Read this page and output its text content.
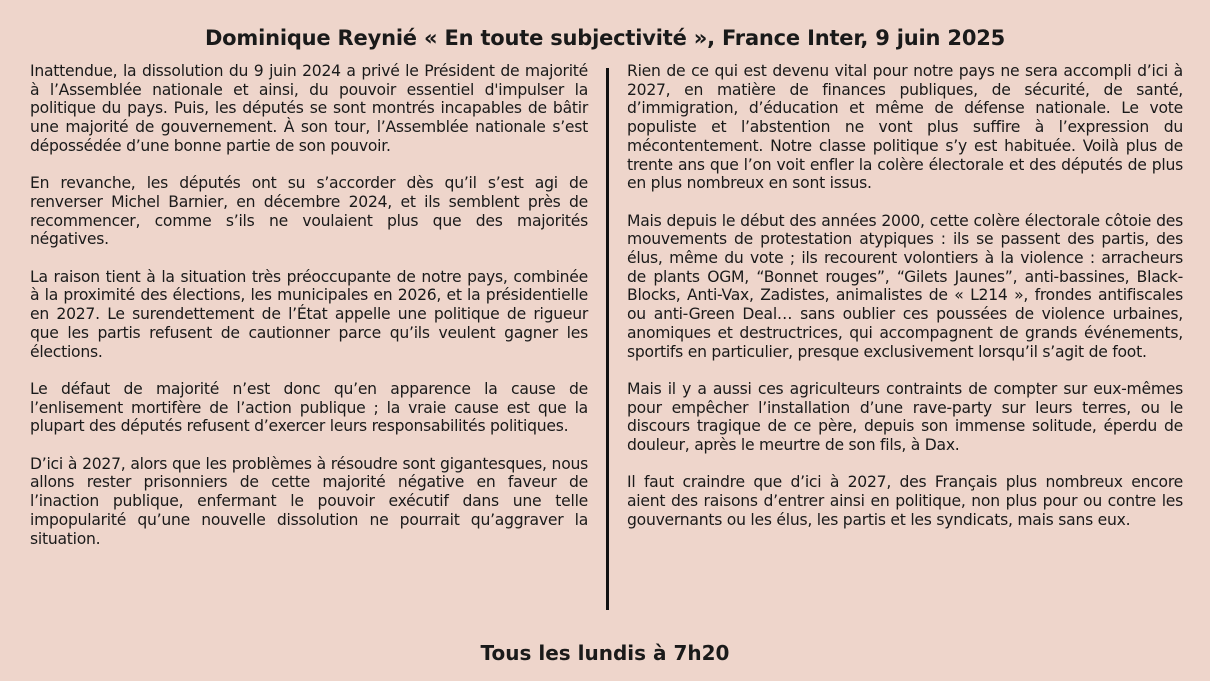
Dominique Reynié « En toute subjectivité », France Inter, 9 juin 2025

Inattendue, la dissolution du 9 juin 2024 a privé le Président de majorité à l’Assemblée nationale et ainsi, du pouvoir essentiel d'impulser la politique du pays. Puis, les députés se sont montrés incapables de bâtir une majorité de gouvernement. À son tour, l’Assemblée nationale s’est dépossédée d’une bonne partie de son pouvoir.

En revanche, les députés ont su s’accorder dès qu’il s’est agi de renverser Michel Barnier, en décembre 2024, et ils semblent près de recommencer, comme s’ils ne voulaient plus que des majorités négatives.

La raison tient à la situation très préoccupante de notre pays, combinée à la proximité des élections, les municipales en 2026, et la présidentielle en 2027. Le surendettement de l’État appelle une politique de rigueur que les partis refusent de cautionner parce qu’ils veulent gagner les élections.

Le défaut de majorité n’est donc qu’en apparence la cause de l’enlisement mortifère de l’action publique ; la vraie cause est que la plupart des députés refusent d’exercer leurs responsabilités politiques.

D’ici à 2027, alors que les problèmes à résoudre sont gigantesques, nous allons rester prisonniers de cette majorité négative en faveur de l’inaction publique, enfermant le pouvoir exécutif dans une telle impopularité qu’une nouvelle dissolution ne pourrait qu’aggraver la situation.

Rien de ce qui est devenu vital pour notre pays ne sera accompli d’ici à 2027, en matière de finances publiques, de sécurité, de santé, d’immigration, d’éducation et même de défense nationale. Le vote populiste et l’abstention ne vont plus suffire à l’expression du mécontentement. Notre classe politique s’y est habituée. Voilà plus de trente ans que l’on voit enfler la colère électorale et des députés de plus en plus nombreux en sont issus.

Mais depuis le début des années 2000, cette colère électorale côtoie des mouvements de protestation atypiques : ils se passent des partis, des élus, même du vote ; ils recourent volontiers à la violence : arracheurs de plants OGM, “Bonnet rouges”, “Gilets Jaunes”, anti-bassines, Black-Blocks, Anti-Vax, Zadistes, animalistes de « L214 », frondes antifiscales ou anti-Green Deal… sans oublier ces poussées de violence urbaines, anomiques et destructrices, qui accompagnent de grands événements, sportifs en particulier, presque exclusivement lorsqu’il s’agit de foot.

Mais il y a aussi ces agriculteurs contraints de compter sur eux-mêmes pour empêcher l’installation d’une rave-party sur leurs terres, ou le discours tragique de ce père, depuis son immense solitude, éperdu de douleur, après le meurtre de son fils, à Dax.

Il faut craindre que d’ici à 2027, des Français plus nombreux encore aient des raisons d’entrer ainsi en politique, non plus pour ou contre les gouvernants ou les élus, les partis et les syndicats, mais sans eux.

Tous les lundis à 7h20
